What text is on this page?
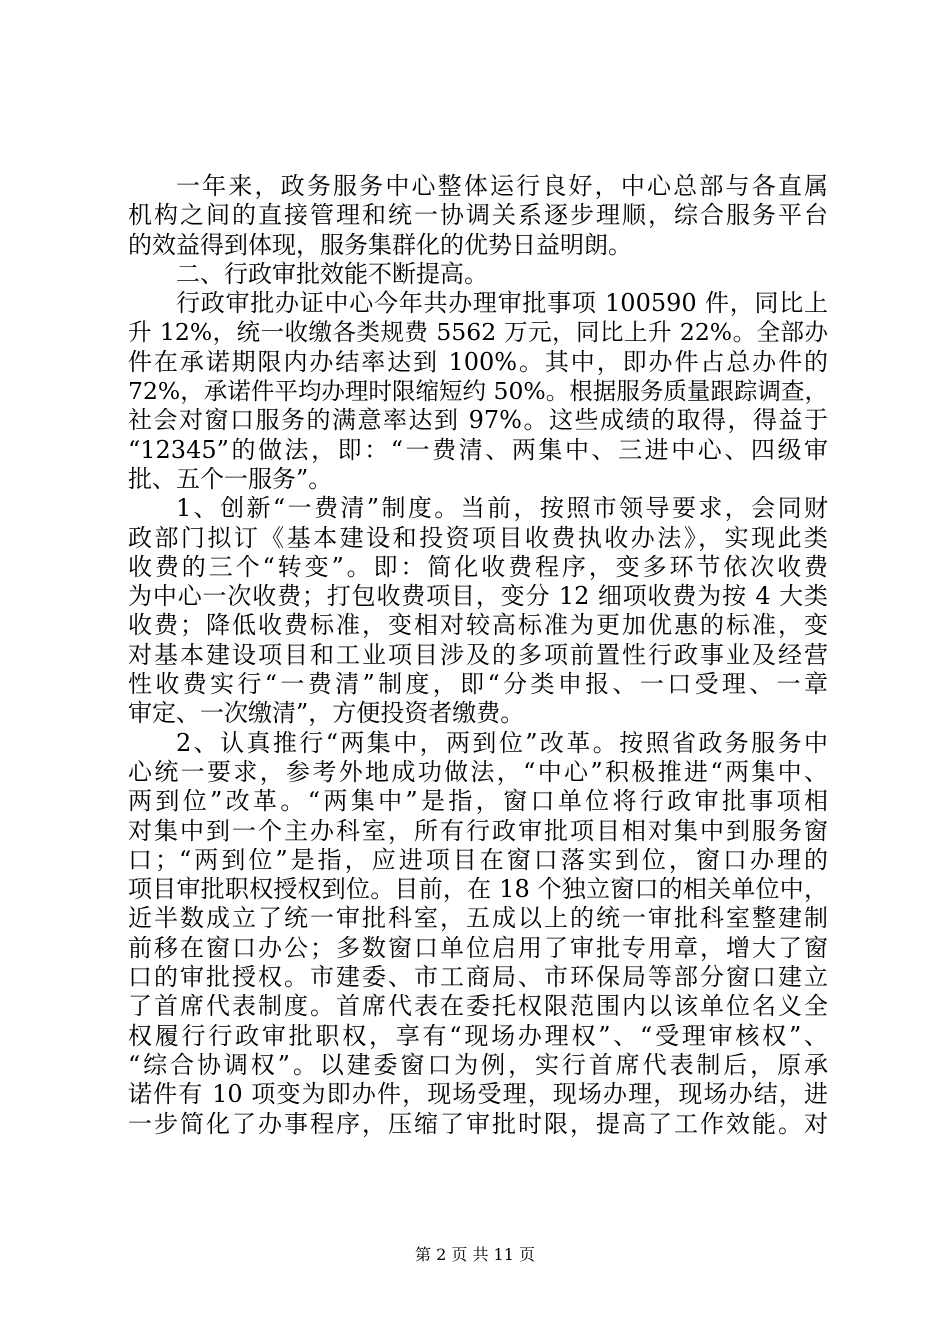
一年来，政务服务中心整体运行良好，中心总部与各直属
机构之间的直接管理和统一协调关系逐步理顺，综合服务平台
的效益得到体现，服务集群化的优势日益明朗。
二、行政审批效能不断提高。
行政审批办证中心今年共办理审批事项 100590 件，同比上
升 12%，统一收缴各类规费 5562 万元，同比上升 22%。全部办
件在承诺期限内办结率达到 100%。其中，即办件占总办件的
72%，承诺件平均办理时限缩短约 50%。根据服务质量跟踪调查，
社会对窗口服务的满意率达到 97%。这些成绩的取得，得益于
“12345”的做法，即：“一费清、两集中、三进中心、四级审
批、五个一服务”。
1、创新“一费清”制度。当前，按照市领导要求，会同财
政部门拟订《基本建设和投资项目收费执收办法》，实现此类
收费的三个“转变”。即：简化收费程序，变多环节依次收费
为中心一次收费；打包收费项目，变分 12 细项收费为按 4 大类
收费；降低收费标准，变相对较高标准为更加优惠的标准，变
对基本建设项目和工业项目涉及的多项前置性行政事业及经营
性收费实行“一费清”制度，即“分类申报、一口受理、一章
审定、一次缴清”，方便投资者缴费。
2、认真推行“两集中，两到位”改革。按照省政务服务中
心统一要求，参考外地成功做法，“中心”积极推进“两集中、
两到位”改革。“两集中”是指，窗口单位将行政审批事项相
对集中到一个主办科室，所有行政审批项目相对集中到服务窗
口；“两到位”是指，应进项目在窗口落实到位，窗口办理的
项目审批职权授权到位。目前，在 18 个独立窗口的相关单位中，
近半数成立了统一审批科室，五成以上的统一审批科室整建制
前移在窗口办公；多数窗口单位启用了审批专用章，增大了窗
口的审批授权。市建委、市工商局、市环保局等部分窗口建立
了首席代表制度。首席代表在委托权限范围内以该单位名义全
权履行行政审批职权，享有“现场办理权”、“受理审核权”、
“综合协调权”。以建委窗口为例，实行首席代表制后，原承
诺件有 10 项变为即办件，现场受理，现场办理，现场办结，进
一步简化了办事程序，压缩了审批时限，提高了工作效能。对
第 2 页 共 11 页
